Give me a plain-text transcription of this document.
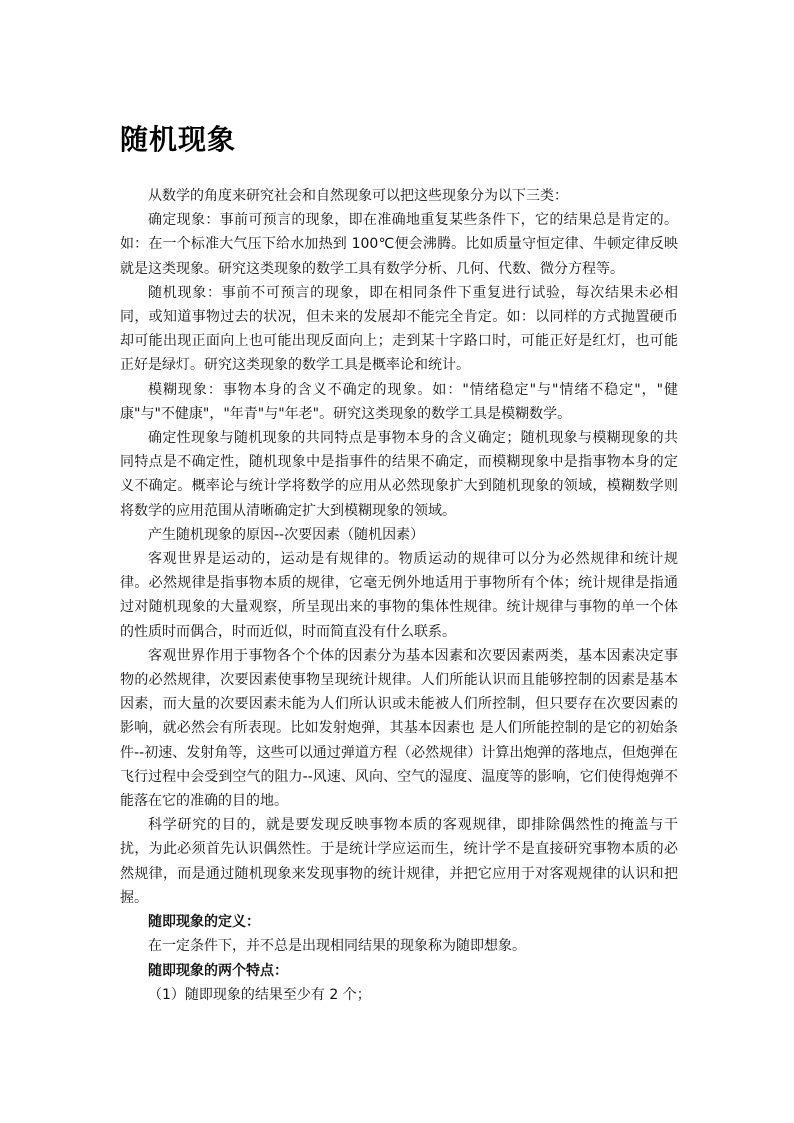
随机现象

从数学的角度来研究社会和自然现象可以把这些现象分为以下三类：

确定现象：事前可预言的现象，即在准确地重复某些条件下，它的结果总是肯定的。如：在一个标准大气压下给水加热到 100℃便会沸腾。比如质量守恒定律、牛顿定律反映就是这类现象。研究这类现象的数学工具有数学分析、几何、代数、微分方程等。

随机现象：事前不可预言的现象，即在相同条件下重复进行试验，每次结果未必相同，或知道事物过去的状况，但未来的发展却不能完全肯定。如：以同样的方式抛置硬币却可能出现正面向上也可能出现反面向上；走到某十字路口时，可能正好是红灯，也可能正好是绿灯。研究这类现象的数学工具是概率论和统计。

模糊现象：事物本身的含义不确定的现象。如："情绪稳定"与"情绪不稳定"，"健康"与"不健康"，"年青"与"年老"。研究这类现象的数学工具是模糊数学。

确定性现象与随机现象的共同特点是事物本身的含义确定；随机现象与模糊现象的共同特点是不确定性，随机现象中是指事件的结果不确定，而模糊现象中是指事物本身的定义不确定。概率论与统计学将数学的应用从必然现象扩大到随机现象的领域，模糊数学则将数学的应用范围从清晰确定扩大到模糊现象的领域。

产生随机现象的原因--次要因素（随机因素）

客观世界是运动的，运动是有规律的。物质运动的规律可以分为必然规律和统计规律。必然规律是指事物本质的规律，它毫无例外地适用于事物所有个体；统计规律是指通过对随机现象的大量观察，所呈现出来的事物的集体性规律。统计规律与事物的单一个体的性质时而偶合，时而近似，时而简直没有什么联系。

客观世界作用于事物各个个体的因素分为基本因素和次要因素两类，基本因素决定事物的必然规律，次要因素使事物呈现统计规律。人们所能认识而且能够控制的因素是基本因素，而大量的次要因素未能为人们所认识或未能被人们所控制，但只要存在次要因素的影响，就必然会有所表现。比如发射炮弹，其基本因素也 是人们所能控制的是它的初始条件--初速、发射角等，这些可以通过弹道方程（必然规律）计算出炮弹的落地点，但炮弹在飞行过程中会受到空气的阻力--风速、风向、空气的湿度、温度等的影响，它们使得炮弹不能落在它的准确的目的地。

科学研究的目的，就是要发现反映事物本质的客观规律，即排除偶然性的掩盖与干扰，为此必须首先认识偶然性。于是统计学应运而生，统计学不是直接研究事物本质的必然规律，而是通过随机现象来发现事物的统计规律，并把它应用于对客观规律的认识和把握。

随即现象的定义：

在一定条件下，并不总是出现相同结果的现象称为随即想象。

随即现象的两个特点：

（1）随即现象的结果至少有 2 个；
